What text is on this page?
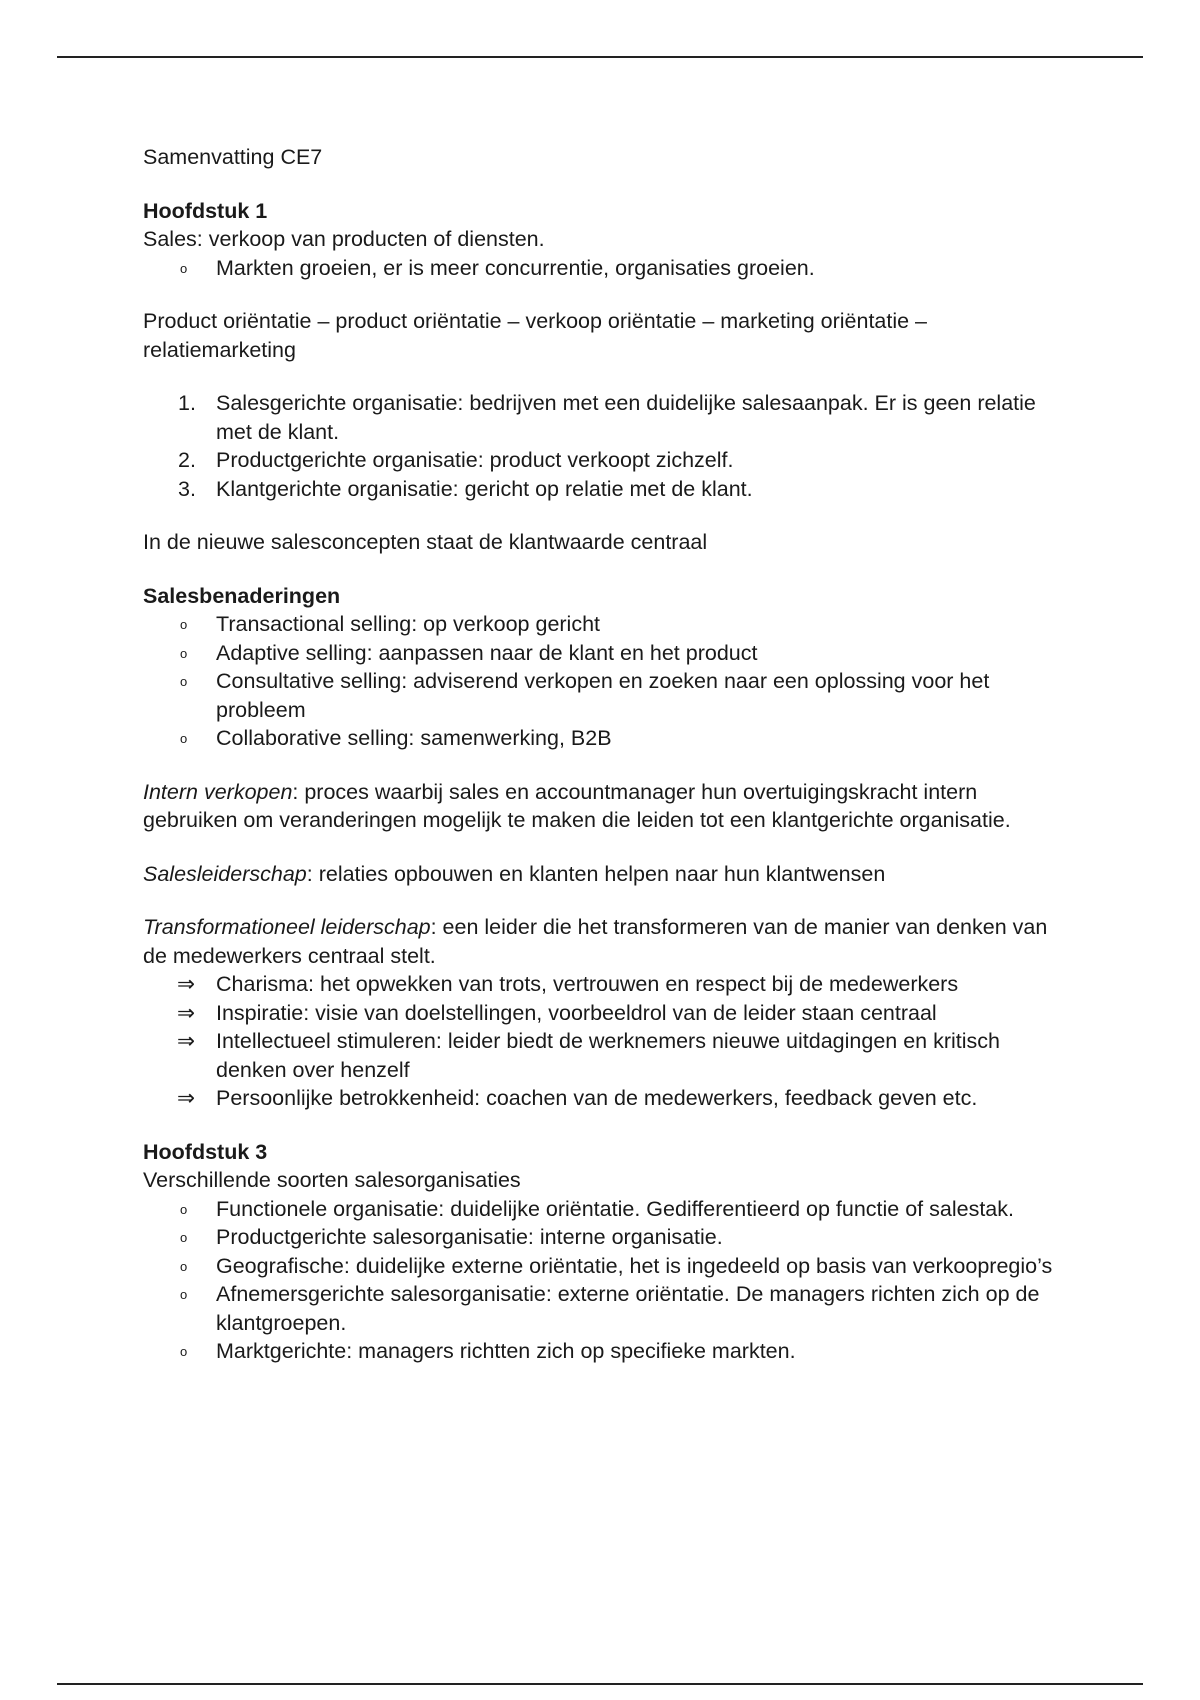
Samenvatting CE7

Hoofdstuk 1

Sales: verkoop van producten of diensten.

o Markten groeien, er is meer concurrentie, organisaties groeien.

Product oriëntatie – product oriëntatie – verkoop oriëntatie – marketing oriëntatie – relatiemarketing

1. Salesgerichte organisatie: bedrijven met een duidelijke salesaanpak. Er is geen relatie met de klant.
2. Productgerichte organisatie: product verkoopt zichzelf.
3. Klantgerichte organisatie: gericht op relatie met de klant.

In de nieuwe salesconcepten staat de klantwaarde centraal

Salesbenaderingen

o Transactional selling: op verkoop gericht
o Adaptive selling: aanpassen naar de klant en het product
o Consultative selling: adviserend verkopen en zoeken naar een oplossing voor het probleem
o Collaborative selling: samenwerking, B2B

Intern verkopen: proces waarbij sales en accountmanager hun overtuigingskracht intern gebruiken om veranderingen mogelijk te maken die leiden tot een klantgerichte organisatie.

Salesleiderschap: relaties opbouwen en klanten helpen naar hun klantwensen

Transformationeel leiderschap: een leider die het transformeren van de manier van denken van de medewerkers centraal stelt.

⇒ Charisma: het opwekken van trots, vertrouwen en respect bij de medewerkers
⇒ Inspiratie: visie van doelstellingen, voorbeeldrol van de leider staan centraal
⇒ Intellectueel stimuleren: leider biedt de werknemers nieuwe uitdagingen en kritisch denken over henzelf
⇒ Persoonlijke betrokkenheid: coachen van de medewerkers, feedback geven etc.

Hoofdstuk 3

Verschillende soorten salesorganisaties

o Functionele organisatie: duidelijke oriëntatie. Gedifferentieerd op functie of salestak.
o Productgerichte salesorganisatie: interne organisatie.
o Geografische: duidelijke externe oriëntatie, het is ingedeeld op basis van verkoopregio’s
o Afnemersgerichte salesorganisatie: externe oriëntatie. De managers richten zich op de klantgroepen.
o Marktgerichte: managers richtten zich op specifieke markten.
